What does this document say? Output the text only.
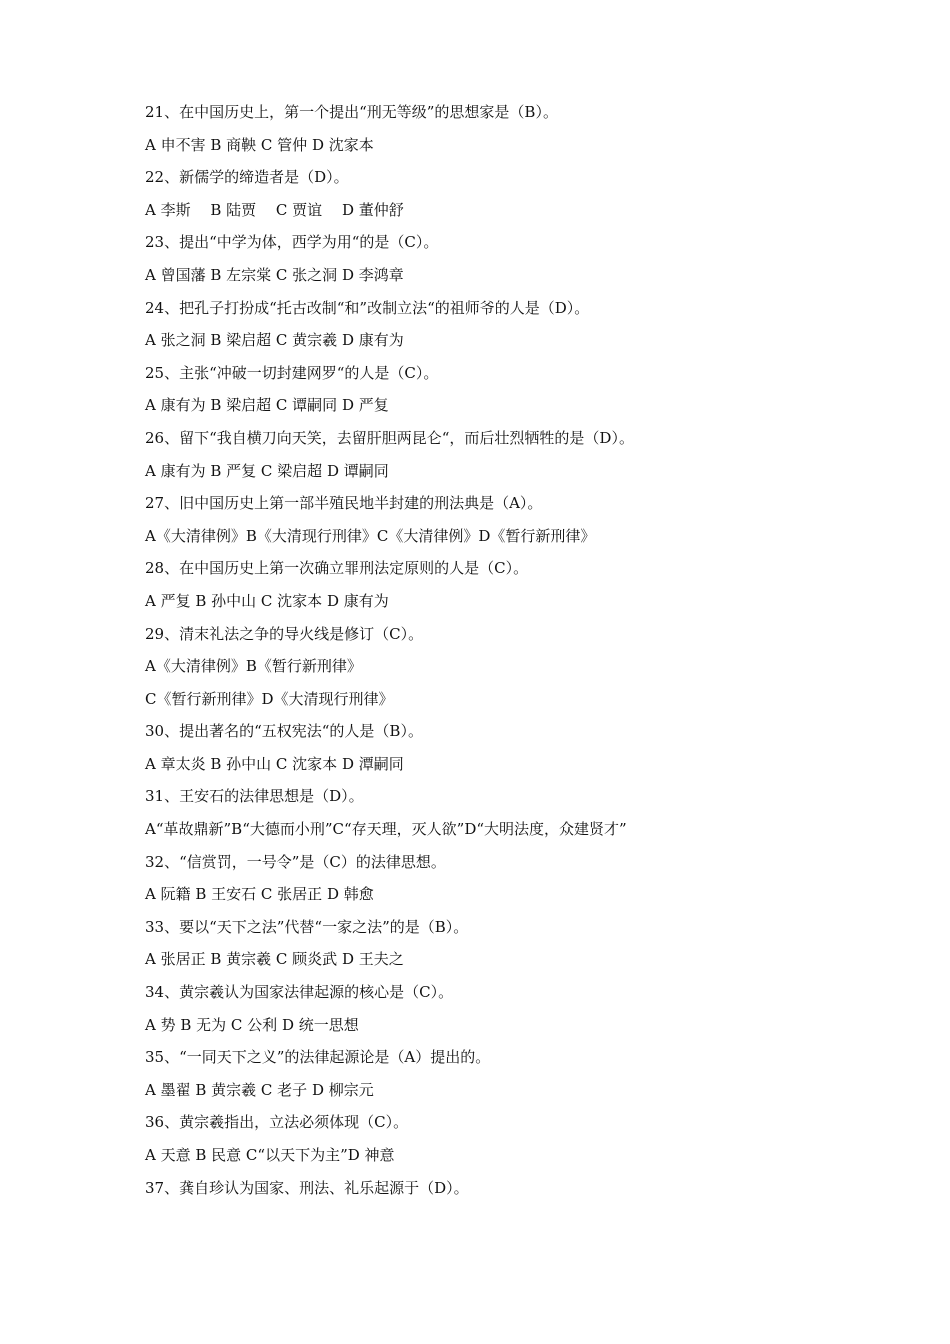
21、在中国历史上，第一个提出“刑无等级”的思想家是（B）。
A 申不害 B 商鞅 C 管仲 D 沈家本
22、新儒学的缔造者是（D）。
A 李斯　 B 陆贾　 C 贾谊　 D 董仲舒
23、提出“中学为体，西学为用“的是（C）。
A 曾国藩 B 左宗棠 C 张之洞 D 李鸿章
24、把孔子打扮成“托古改制“和”改制立法“的祖师爷的人是（D）。
A 张之洞 B 梁启超 C 黄宗羲 D 康有为
25、主张“冲破一切封建网罗“的人是（C）。
A 康有为 B 梁启超 C 谭嗣同 D 严复
26、留下“我自横刀向天笑，去留肝胆两昆仑“，而后壮烈牺牲的是（D）。
A 康有为 B 严复 C 梁启超 D 谭嗣同
27、旧中国历史上第一部半殖民地半封建的刑法典是（A）。
A《大清律例》B《大清现行刑律》C《大清律例》D《暂行新刑律》
28、在中国历史上第一次确立罪刑法定原则的人是（C）。
A 严复 B 孙中山 C 沈家本 D 康有为
29、清末礼法之争的导火线是修订（C）。
A《大清律例》B《暂行新刑律》
C《暂行新刑律》D《大清现行刑律》
30、提出著名的“五权宪法“的人是（B）。
A 章太炎 B 孙中山 C 沈家本 D 潭嗣同
31、王安石的法律思想是（D）。
A“革故鼎新”B“大德而小刑”C“存天理，灭人欲”D“大明法度，众建贤才”
32、“信赏罚，一号令”是（C）的法律思想。
A 阮籍 B 王安石 C 张居正 D 韩愈
33、要以“天下之法”代替“一家之法”的是（B）。
A 张居正 B 黄宗羲 C 顾炎武 D 王夫之
34、黄宗羲认为国家法律起源的核心是（C）。
A 势 B 无为 C 公利 D 统一思想
35、“一同天下之义”的法律起源论是（A）提出的。
A 墨翟 B 黄宗羲 C 老子 D 柳宗元
36、黄宗羲指出，立法必须体现（C）。
A 天意 B 民意 C“以天下为主”D 神意
37、龚自珍认为国家、刑法、礼乐起源于（D）。
